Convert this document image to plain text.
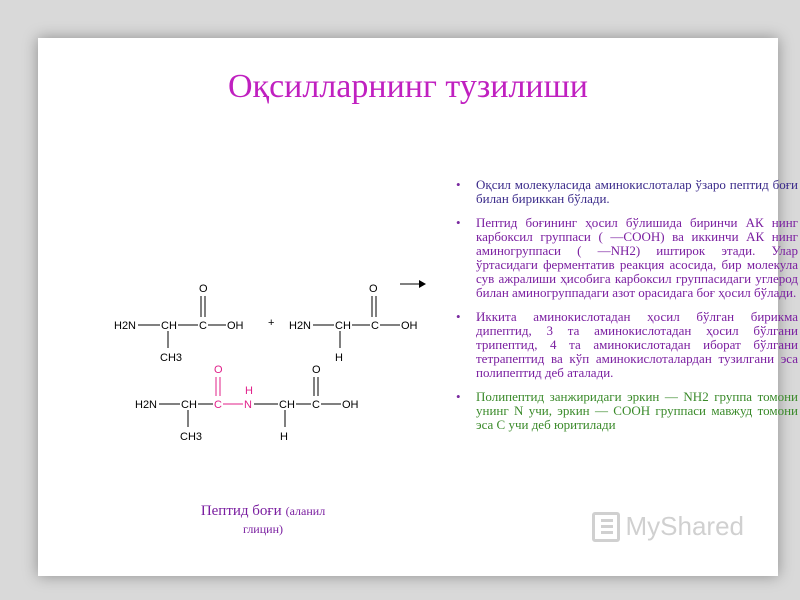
Оқсилларнинг тузилиши
• Оқсил молекуласида аминокислоталар ўзаро пептид боғи билан бириккан бўлади.
• Пептид боғининг ҳосил бўлишида биринчи АК нинг карбоксил группаси ( —СООН) ва иккинчи АК нинг аминогруппаси ( —NH2) иштирок этади. Улар ўртасидаги ферментатив реакция асосида, бир молекула сув ажралиши ҳисобига карбоксил группасидаги углерод билан аминогруппадаги азот орасидага боғ ҳосил бўлади.
• Иккита аминокислотадан ҳосил бўлган бирикма дипептид, 3 та аминокислотадан ҳосил бўлгани трипептид, 4 та аминокислотадан иборат бўлгани тетрапептид ва кўп аминокислоталардан тузилгани эса полипептид деб аталади.
• Полипептид занжиридаги эркин — NH2 группа томони унинг N учи, эркин — СООН группаси мавжуд томони эса С учи деб юритилади
H2N CH C OH
O
CH3
+ H2N CH C OH
O
H
H2N CH C N
H
CH C OH
O	O
CH3	H
Пептид боғи (аланил глицин)	MyShared
